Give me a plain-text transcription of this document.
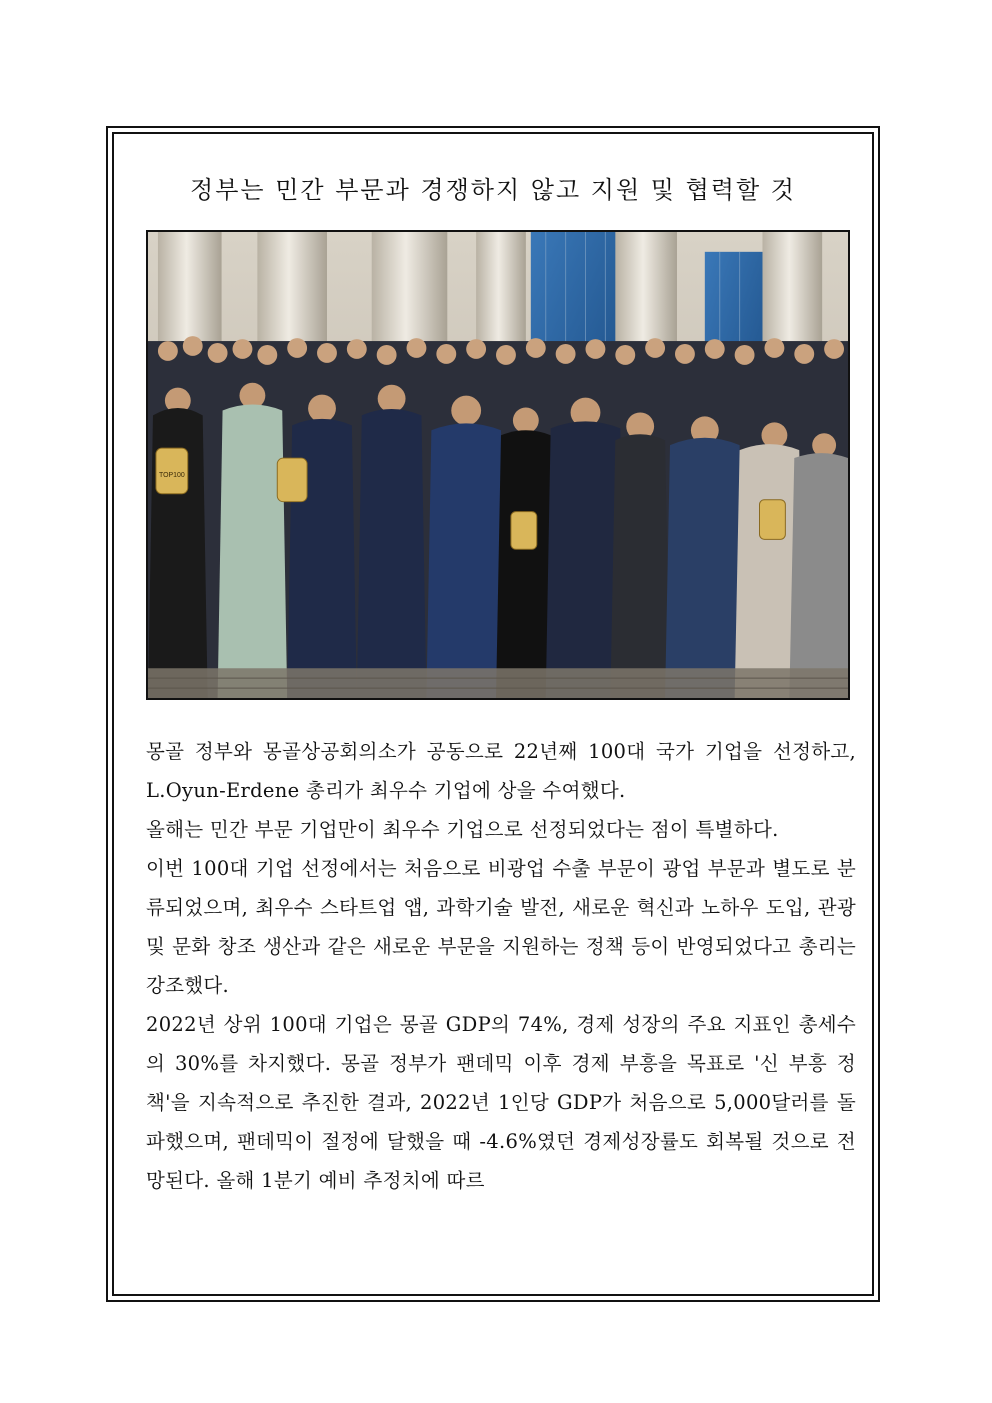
정부는 민간 부문과 경쟁하지 않고 지원 및 협력할 것
TOP100

몽골 정부와 몽골상공회의소가 공동으로 22년째 100대 국가 기업을 선정하고, L.Oyun-Erdene 총리가 최우수 기업에 상을 수여했다.

올해는 민간 부문 기업만이 최우수 기업으로 선정되었다는 점이 특별하다.

이번 100대 기업 선정에서는 처음으로 비광업 수출 부문이 광업 부문과 별도로 분류되었으며, 최우수 스타트업 앱, 과학기술 발전, 새로운 혁신과 노하우 도입, 관광 및 문화 창조 생산과 같은 새로운 부문을 지원하는 정책 등이 반영되었다고 총리는 강조했다.

2022년 상위 100대 기업은 몽골 GDP의 74%, 경제 성장의 주요 지표인 총세수의 30%를 차지했다. 몽골 정부가 팬데믹 이후 경제 부흥을 목표로 '신 부흥 정책'을 지속적으로 추진한 결과, 2022년 1인당 GDP가 처음으로 5,000달러를 돌파했으며, 팬데믹이 절정에 달했을 때 -4.6%였던 경제성장률도 회복될 것으로 전망된다. 올해 1분기 예비 추정치에 따르
